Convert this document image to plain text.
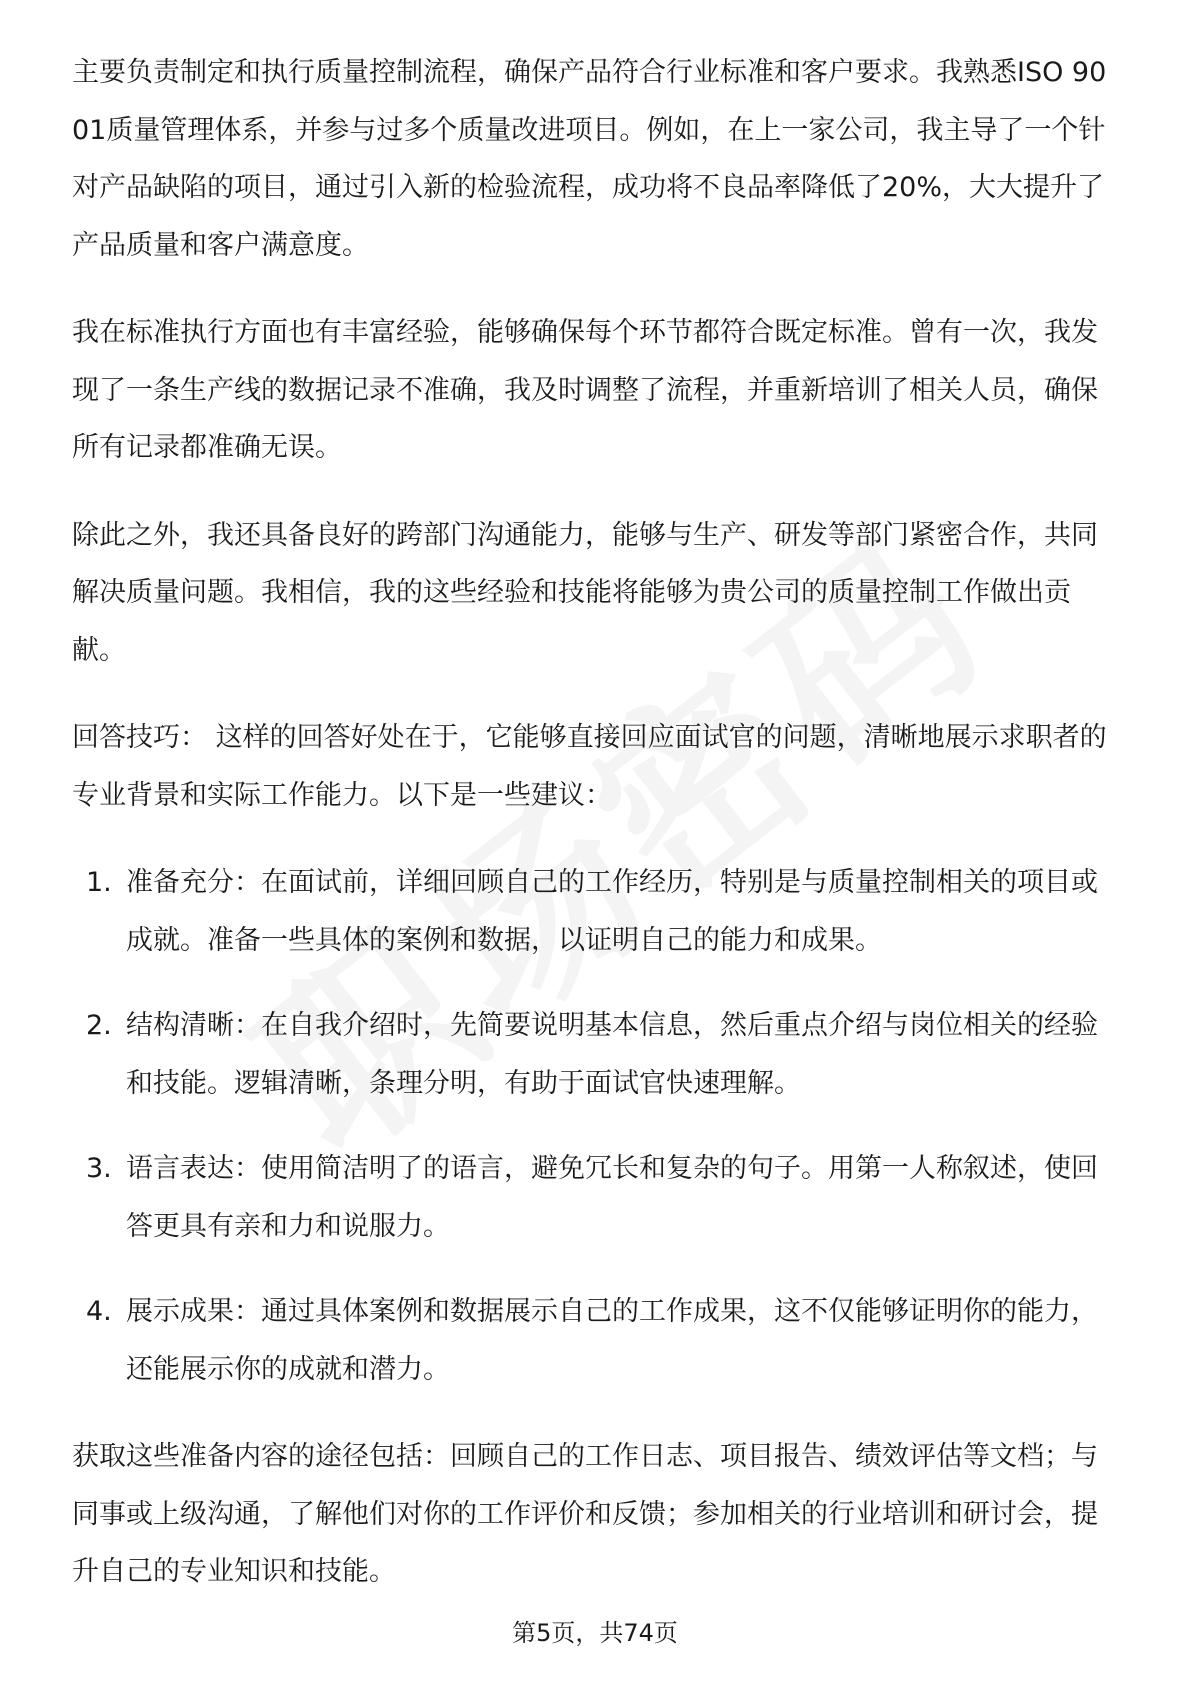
主要负责制定和执行质量控制流程，确保产品符合行业标准和客户要求。我熟悉ISO 9001质量管理体系，并参与过多个质量改进项目。例如，在上一家公司，我主导了一个针对产品缺陷的项目，通过引入新的检验流程，成功将不良品率降低了20%，大大提升了产品质量和客户满意度。

我在标准执行方面也有丰富经验，能够确保每个环节都符合既定标准。曾有一次，我发现了一条生产线的数据记录不准确，我及时调整了流程，并重新培训了相关人员，确保所有记录都准确无误。

除此之外，我还具备良好的跨部门沟通能力，能够与生产、研发等部门紧密合作，共同解决质量问题。我相信，我的这些经验和技能将能够为贵公司的质量控制工作做出贡献。

回答技巧： 这样的回答好处在于，它能够直接回应面试官的问题，清晰地展示求职者的专业背景和实际工作能力。以下是一些建议：

1. 准备充分：在面试前，详细回顾自己的工作经历，特别是与质量控制相关的项目或成就。准备一些具体的案例和数据，以证明自己的能力和成果。
2. 结构清晰：在自我介绍时，先简要说明基本信息，然后重点介绍与岗位相关的经验和技能。逻辑清晰，条理分明，有助于面试官快速理解。
3. 语言表达：使用简洁明了的语言，避免冗长和复杂的句子。用第一人称叙述，使回答更具有亲和力和说服力。
4. 展示成果：通过具体案例和数据展示自己的工作成果，这不仅能够证明你的能力，还能展示你的成就和潜力。

获取这些准备内容的途径包括：回顾自己的工作日志、项目报告、绩效评估等文档；与同事或上级沟通，了解他们对你的工作评价和反馈；参加相关的行业培训和研讨会，提升自己的专业知识和技能。

第5页，共74页
